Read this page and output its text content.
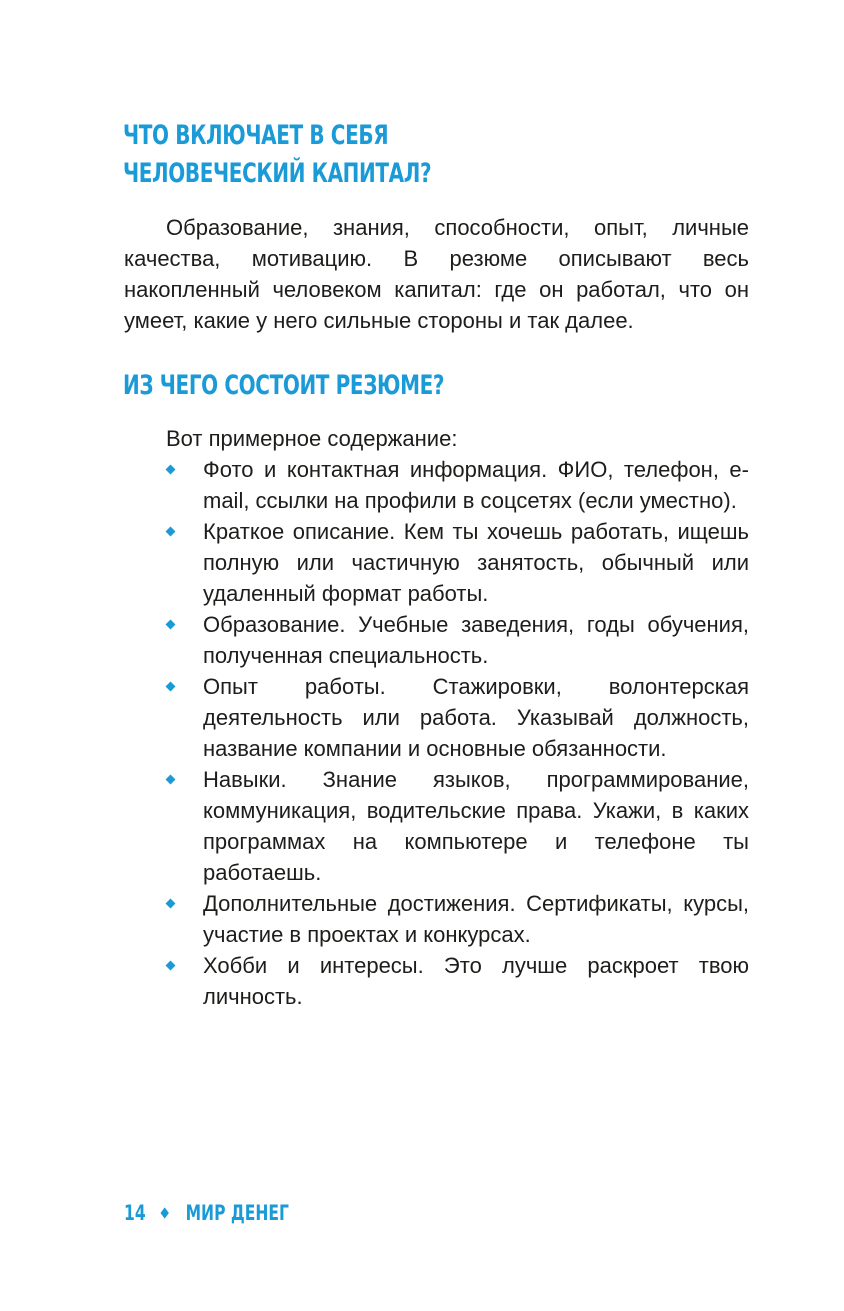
ЧТО ВКЛЮЧАЕТ В СЕБЯ
ЧЕЛОВЕЧЕСКИЙ КАПИТАЛ?

Образование, знания, способности, опыт, личные качества, мотивацию. В резюме описывают весь накопленный человеком капитал: где он работал, что он умеет, какие у него сильные стороны и так далее.

ИЗ ЧЕГО СОСТОИТ РЕЗЮМЕ?

Вот примерное содержание:

Фото и контактная информация. ФИО, телефон, e-mail, ссылки на профили в соцсетях (если уместно).
Краткое описание. Кем ты хочешь работать, ищешь полную или частичную занятость, обычный или удаленный формат работы.
Образование. Учебные заведения, годы обучения, полученная специальность.
Опыт работы. Стажировки, волонтерская деятельность или работа. Указывай должность, название компании и основные обязанности.
Навыки. Знание языков, программирование, коммуникация, водительские права. Укажи, в каких программах на компьютере и телефоне ты работаешь.
Дополнительные достижения. Сертификаты, курсы, участие в проектах и конкурсах.
Хобби и интересы. Это лучше раскроет твою личность.
14 МИР ДЕНЕГ
